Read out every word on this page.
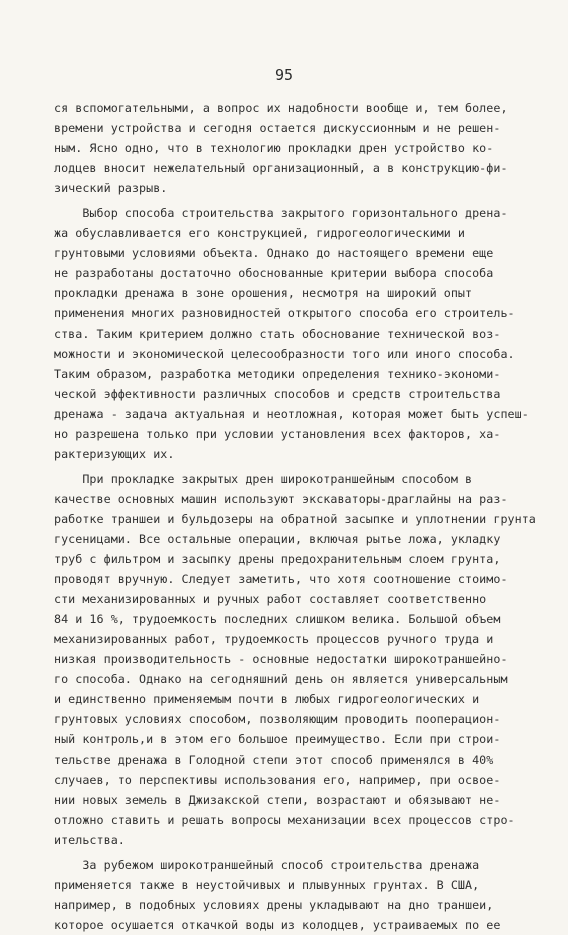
95
ся вспомогательными, а вопрос их надобности вообще и, тем более,
времени устройства и сегодня остается дискуссионным и не решен-
ным. Ясно одно, что в технологию прокладки дрен устройство ко-
лодцев вносит нежелательный организационный, а в конструкцию-фи-
зический разрыв.
Выбор способа строительства закрытого горизонтального дрена-
жа обуславливается его конструкцией, гидрогеологическими и
грунтовыми условиями объекта. Однако до настоящего времени еще
не разработаны достаточно обоснованные критерии выбора способа
прокладки дренажа в зоне орошения, несмотря на широкий опыт
применения многих разновидностей открытого способа его строитель-
ства. Таким критерием должно стать обоснование технической воз-
можности и экономической целесообразности того или иного способа.
Таким образом, разработка методики определения технико-экономи-
ческой эффективности различных способов и средств строительства
дренажа - задача актуальная и неотложная, которая может быть успеш-
но разрешена только при условии установления всех факторов, ха-
рактеризующих их.
При прокладке закрытых дрен широкотраншейным способом в
качестве основных машин используют экскаваторы-драглайны на раз-
работке траншеи и бульдозеры на обратной засыпке и уплотнении грунта
гусеницами. Все остальные операции, включая рытье ложа, укладку
труб с фильтром и засыпку дрены предохранительным слоем грунта,
проводят вручную. Следует заметить, что хотя соотношение стоимо-
сти механизированных и ручных работ составляет соответственно
84 и 16 %, трудоемкость последних слишком велика. Большой объем
механизированных работ, трудоемкость процессов ручного труда и
низкая производительность - основные недостатки широкотраншейно-
го способа. Однако на сегодняшний день он является универсальным
и единственно применяемым почти в любых гидрогеологических и
грунтовых условиях способом, позволяющим проводить пооперацион-
ный контроль,и в этом его большое преимущество. Если при строи-
тельстве дренажа в Голодной степи этот способ применялся в 40%
случаев, то перспективы использования его, например, при освое-
нии новых земель в Джизакской степи, возрастают и обязывают не-
отложно ставить и решать вопросы механизации всех процессов стро-
ительства.
За рубежом широкотраншейный способ строительства дренажа
применяется также в неустойчивых и плывунных грунтах. В США,
например, в подобных условиях дрены укладывают на дно траншеи,
которое осушается откачкой воды из колодцев, устраиваемых по ее
